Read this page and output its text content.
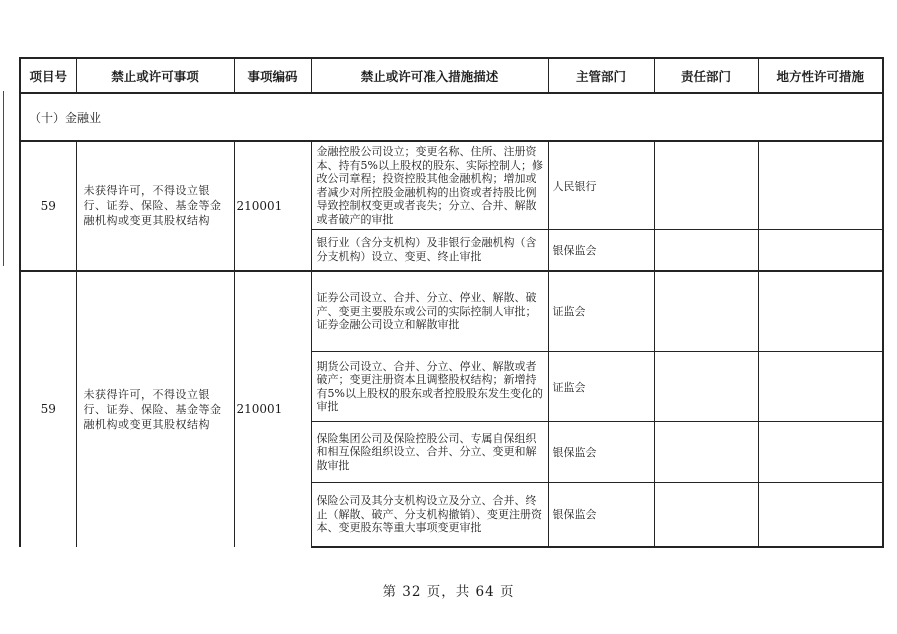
项目号	禁止或许可事项	事项编码	禁止或许可准入措施描述	主管部门	责任部门	地方性许可措施
（十）金融业						
59	未获得许可，不得设立银行、证券、保险、基金等金融机构或变更其股权结构	210001	金融控股公司设立；变更名称、住所、注册资本、持有5%以上股权的股东、实际控制人；修改公司章程；投资控股其他金融机构；增加或者减少对所控股金融机构的出资或者持股比例导致控制权变更或者丧失；分立、合并、解散或者破产的审批	人民银行		
			银行业（含分支机构）及非银行金融机构（含分支机构）设立、变更、终止审批	银保监会		
59	未获得许可，不得设立银行、证券、保险、基金等金融机构或变更其股权结构	210001	证券公司设立、合并、分立、停业、解散、破产、变更主要股东或公司的实际控制人审批；证券金融公司设立和解散审批	证监会		
			期货公司设立、合并、分立、停业、解散或者破产；变更注册资本且调整股权结构；新增持有5%以上股权的股东或者控股股东发生变化的审批	证监会		
			保险集团公司及保险控股公司、专属自保组织和相互保险组织设立、合并、分立、变更和解散审批	银保监会		
			保险公司及其分支机构设立及分立、合并、终止（解散、破产、分支机构撤销）、变更注册资本、变更股东等重大事项变更审批	银保监会		
第 32 页，共 64 页
